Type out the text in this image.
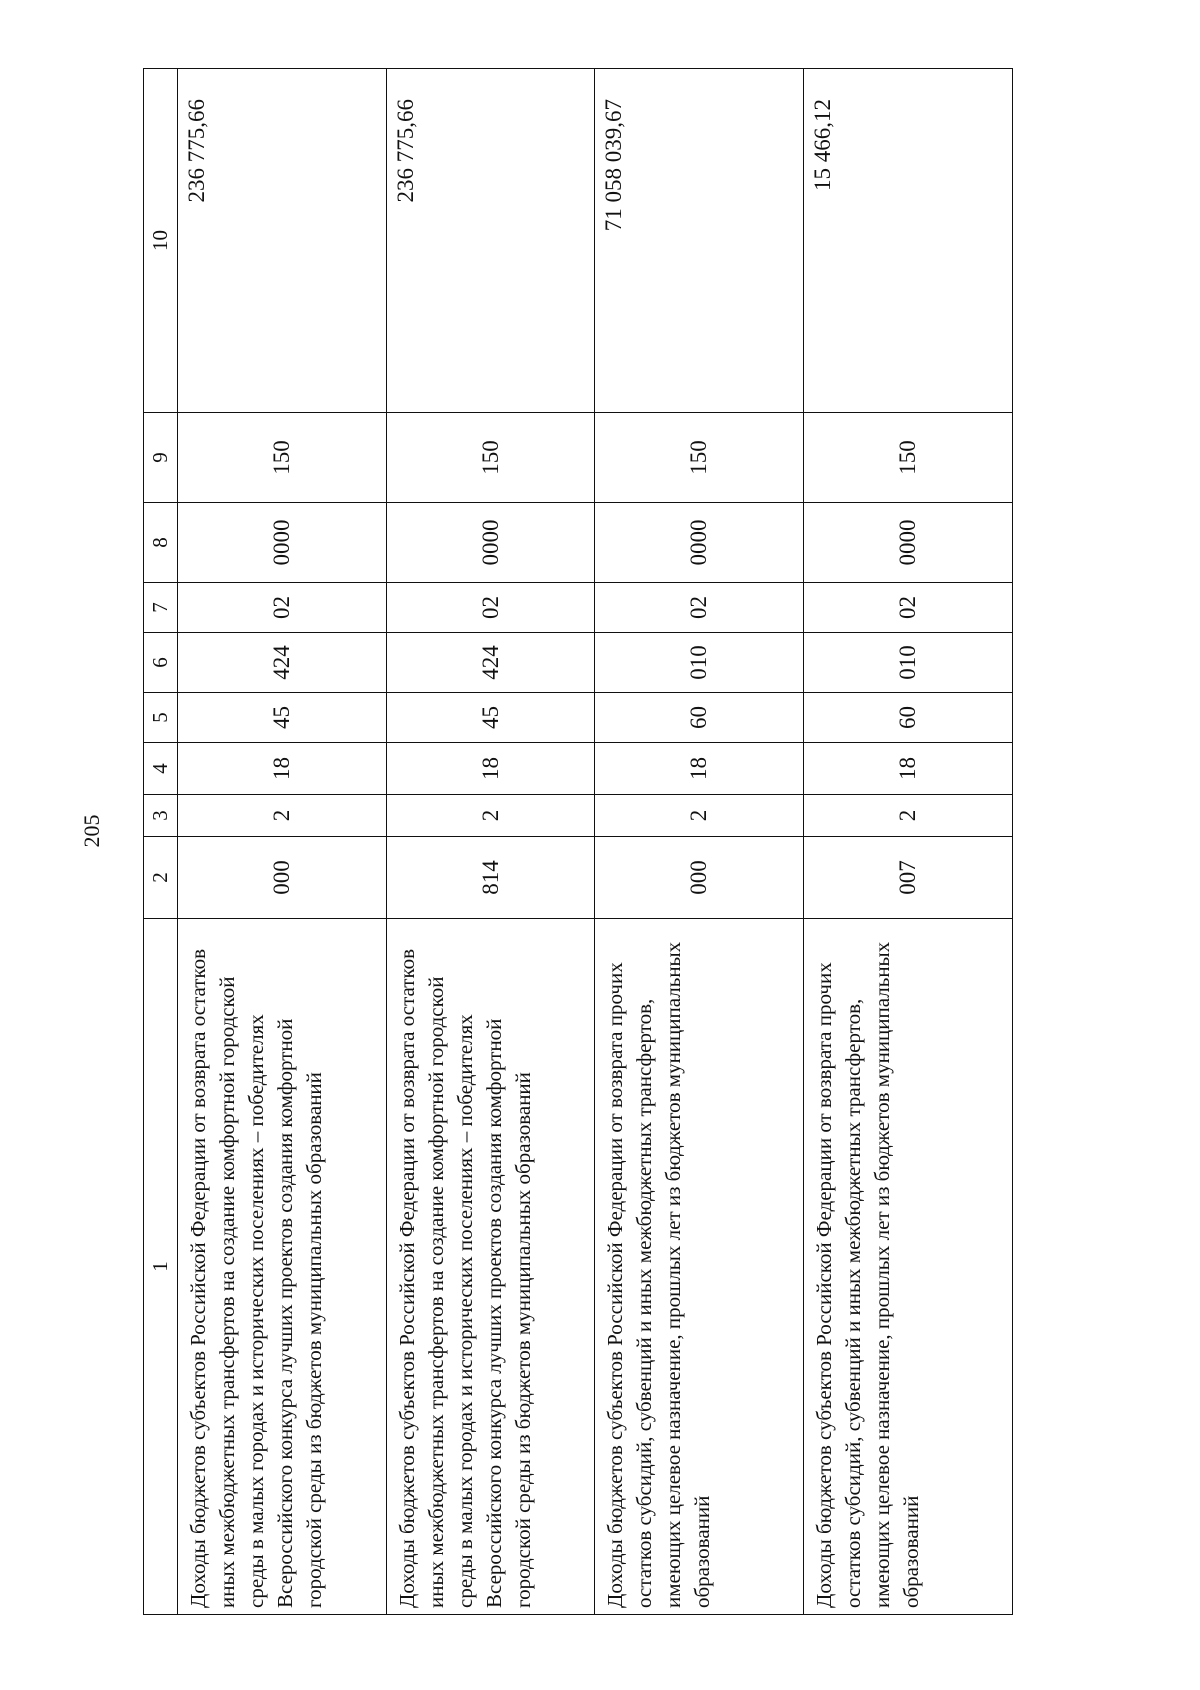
205
1	2	3	4	5	6	7	8	9	10
Доходы бюджетов субъектов Российской Федерации от возврата остатков иных межбюджетных трансфертов на создание комфортной городской среды в малых городах и исторических поселениях – победителях Всероссийского конкурса лучших проектов создания комфортной городской среды из бюджетов муниципальных образований	000	2	18	45	424	02	0000	150	236 775,66
Доходы бюджетов субъектов Российской Федерации от возврата остатков иных межбюджетных трансфертов на создание комфортной городской среды в малых городах и исторических поселениях – победителях Всероссийского конкурса лучших проектов создания комфортной городской среды из бюджетов муниципальных образований	814	2	18	45	424	02	0000	150	236 775,66
Доходы бюджетов субъектов Российской Федерации от возврата прочих остатков субсидий, субвенций и иных межбюджетных трансфертов, имеющих целевое назначение, прошлых лет из бюджетов муниципальных образований	000	2	18	60	010	02	0000	150	71 058 039,67
Доходы бюджетов субъектов Российской Федерации от возврата прочих остатков субсидий, субвенций и иных межбюджетных трансфертов, имеющих целевое назначение, прошлых лет из бюджетов муниципальных образований	007	2	18	60	010	02	0000	150	15 466,12
